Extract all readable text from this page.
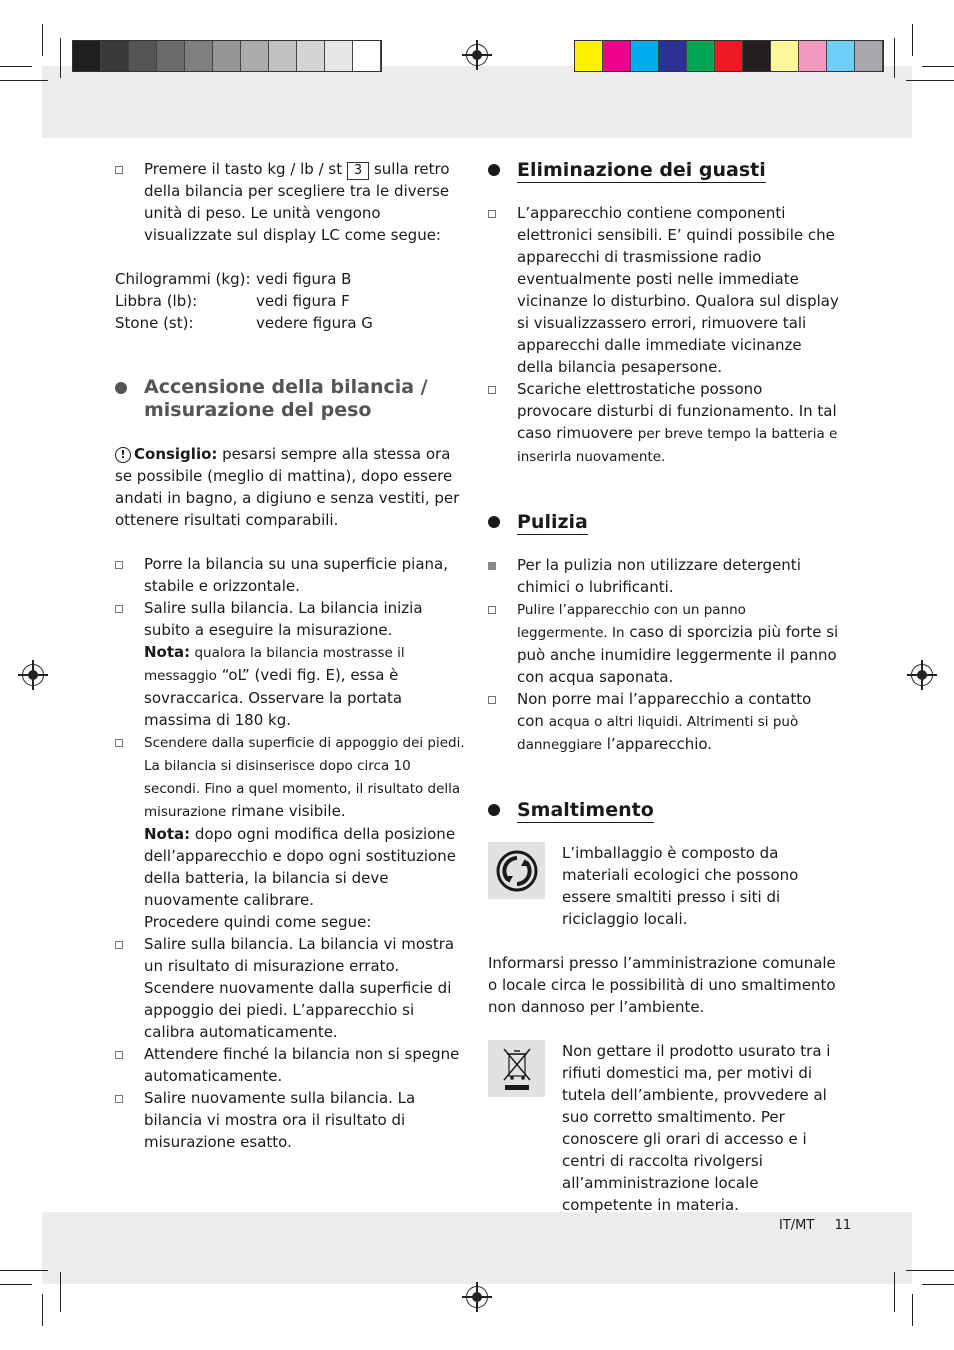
Premere il tasto kg / lb / st 3 sulla retro della bilancia per scegliere tra le diverse unità di peso. Le unità vengono visualizzate sul display LC come segue:

Chilogrammi (kg): vedi figura B
Libbra (lb):	vedi figura F
Stone (st):	vedere figura G
Accensione della bilancia /
misurazione del peso

! Consiglio: pesarsi sempre alla stessa ora se possibile (meglio di mattina), dopo essere andati in bagno, a digiuno e senza vestiti, per ottenere risultati comparabili.

Porre la bilancia su una superficie piana, stabile e orizzontale.

Salire sulla bilancia. La bilancia inizia subito a eseguire la misurazione.

Nota: qualora la bilancia mostrasse il messaggio “oL” (vedi fig. E), essa è sovraccarica. Osservare la portata massima di 180 kg.

Scendere dalla superficie di appoggio dei piedi. La bilancia si disinserisce dopo circa 10 secondi. Fino a quel momento, il risultato della misurazione rimane visibile.

Nota: dopo ogni modifica della posizione dell’apparecchio e dopo ogni sostituzione della batteria, la bilancia si deve nuovamente calibrare.

Procedere quindi come segue:

Salire sulla bilancia. La bilancia vi mostra un risultato di misurazione errato. Scendere nuovamente dalla superficie di appoggio dei piedi. L’apparecchio si calibra automaticamente.

Attendere finché la bilancia non si spegne automaticamente.

Salire nuovamente sulla bilancia. La bilancia vi mostra ora il risultato di misurazione esatto.

Eliminazione dei guasti

L’apparecchio contiene componenti elettronici sensibili. E’ quindi possibile che apparecchi di trasmissione radio eventualmente posti nelle immediate vicinanze lo disturbino. Qualora sul display si visualizzassero errori, rimuovere tali apparecchi dalle immediate vicinanze della bilancia pesapersone.

Scariche elettrostatiche possono provocare disturbi di funzionamento. In tal caso rimuovere per breve tempo la batteria e inserirla nuovamente.

Pulizia

Per la pulizia non utilizzare detergenti chimici o lubrificanti.

Pulire l’apparecchio con un panno leggermente. In caso di sporcizia più forte si può anche inumidire leggermente il panno con acqua saponata.

Non porre mai l’apparecchio a contatto con acqua o altri liquidi. Altrimenti si può danneggiare l’apparecchio.

Smaltimento

L’imballaggio è composto da materiali ecologici che possono essere smaltiti presso i siti di riciclaggio locali.

Informarsi presso l’amministrazione comunale o locale circa le possibilità di uno smaltimento non dannoso per l’ambiente.

Non gettare il prodotto usurato tra i rifiuti domestici ma, per motivi di tutela dell’ambiente, provvedere al suo corretto smaltimento. Per conoscere gli orari di accesso e i centri di raccolta rivolgersi all’amministrazione locale competente in materia.

IT/MT 11
